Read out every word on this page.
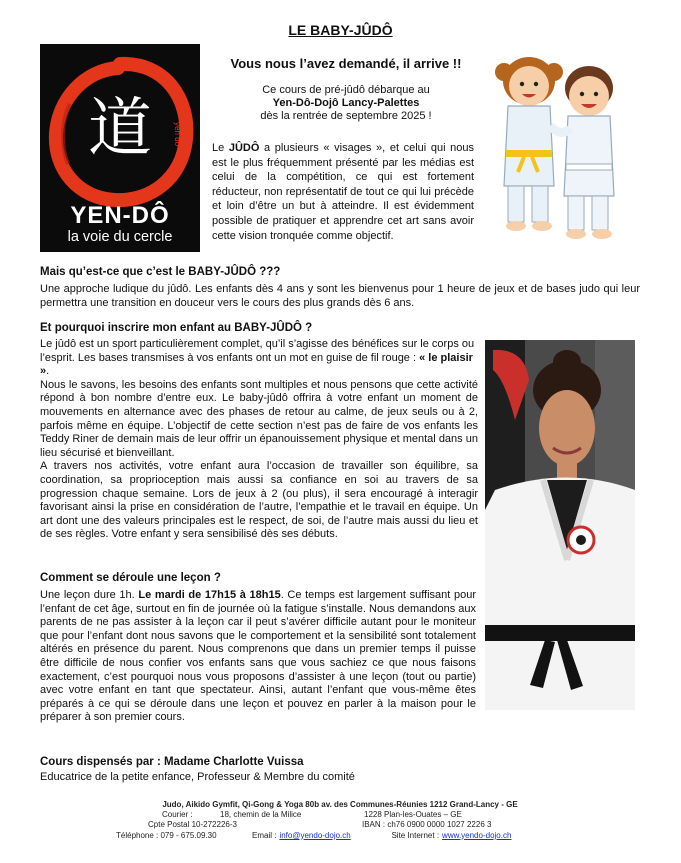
LE BABY-JÛDÔ
道	yen dô
YEN-DÔ
la voie du cercle
Vous nous l’avez demandé, il arrive !!
Ce cours de pré-jûdô débarque au
Yen-Dô-Dojô Lancy-Palettes
dès la rentrée de septembre 2025 !
Le JÛDÔ a plusieurs « visages », et celui qui nous est le plus fréquemment présenté par les médias est celui de la compétition, ce qui est fortement réducteur, non représentatif de tout ce qui lui précède et loin d’être un but à atteindre. Il est évidemment possible de pratiquer et apprendre cet art sans avoir cette vision tronquée comme objectif.
Mais qu’est-ce que c’est le BABY-JÛDÔ ???
Une approche ludique du jûdô. Les enfants dès 4 ans y sont les bienvenus pour 1 heure de jeux et de bases judo qui leur permettra une transition en douceur vers le cours des plus grands dès 6 ans.
Et pourquoi inscrire mon enfant au BABY-JÛDÔ ?
Le jûdô est un sport particulièrement complet, qu’il s’agisse des bénéfices sur le corps ou l’esprit. Les bases transmises à vos enfants ont un mot en guise de fil rouge : « le plaisir ».
Nous le savons, les besoins des enfants sont multiples et nous pensons que cette activité répond à bon nombre d’entre eux. Le baby-jûdô offrira à votre enfant un moment de mouvements en alternance avec des phases de retour au calme, de jeux seuls ou à 2, parfois même en équipe. L’objectif de cette section n’est pas de faire de vos enfants les Teddy Riner de demain mais de leur offrir un épanouissement physique et mental dans un lieu sécurisé et bienveillant.
A travers nos activités, votre enfant aura l’occasion de travailler son équilibre, sa coordination, sa proprioception mais aussi sa confiance en soi au travers de sa progression chaque semaine. Lors de jeux à 2 (ou plus), il sera encouragé à interagir favorisant ainsi la prise en considération de l’autre, l’empathie et le travail en équipe. Un art dont une des valeurs principales est le respect, de soi, de l’autre mais aussi du lieu et de ses règles. Votre enfant y sera sensibilisé dès ses débuts.
Comment se déroule une leçon ?
Une leçon dure 1h. Le mardi de 17h15 à 18h15. Ce temps est largement suffisant pour l’enfant de cet âge, surtout en fin de journée où la fatigue s’installe. Nous demandons aux parents de ne pas assister à la leçon car il peut s’avérer difficile autant pour le moniteur que pour l’enfant dont nous savons que le comportement et la sensibilité sont totalement altérés en présence du parent. Nous comprenons que dans un premier temps il puisse être difficile de nous confier vos enfants sans que vous sachiez ce que nous faisons exactement, c’est pourquoi nous vous proposons d’assister à une leçon (tout ou partie) avec votre enfant en tant que spectateur. Ainsi, autant l’enfant que vous-même êtes préparés à ce qui se déroule dans une leçon et pouvez en parler à la maison pour le préparer à son premier cours.
Cours dispensés par : Madame Charlotte Vuissa
Educatrice de la petite enfance, Professeur & Membre du comité
Judo, Aikido Gymfit, Qi-Gong & Yoga 80b av. des Communes-Réunies 1212 Grand-Lancy - GE
Courier :	18, chemin de la Milice	1228 Plan-les-Ouates – GE
Cpte Postal 10-272226-3	IBAN : ch76 0900 0000 1027 2226 3
Téléphone : 079 - 675.09.30	Email : info@yendo-dojo.ch	Site Internet : www.yendo-dojo.ch
